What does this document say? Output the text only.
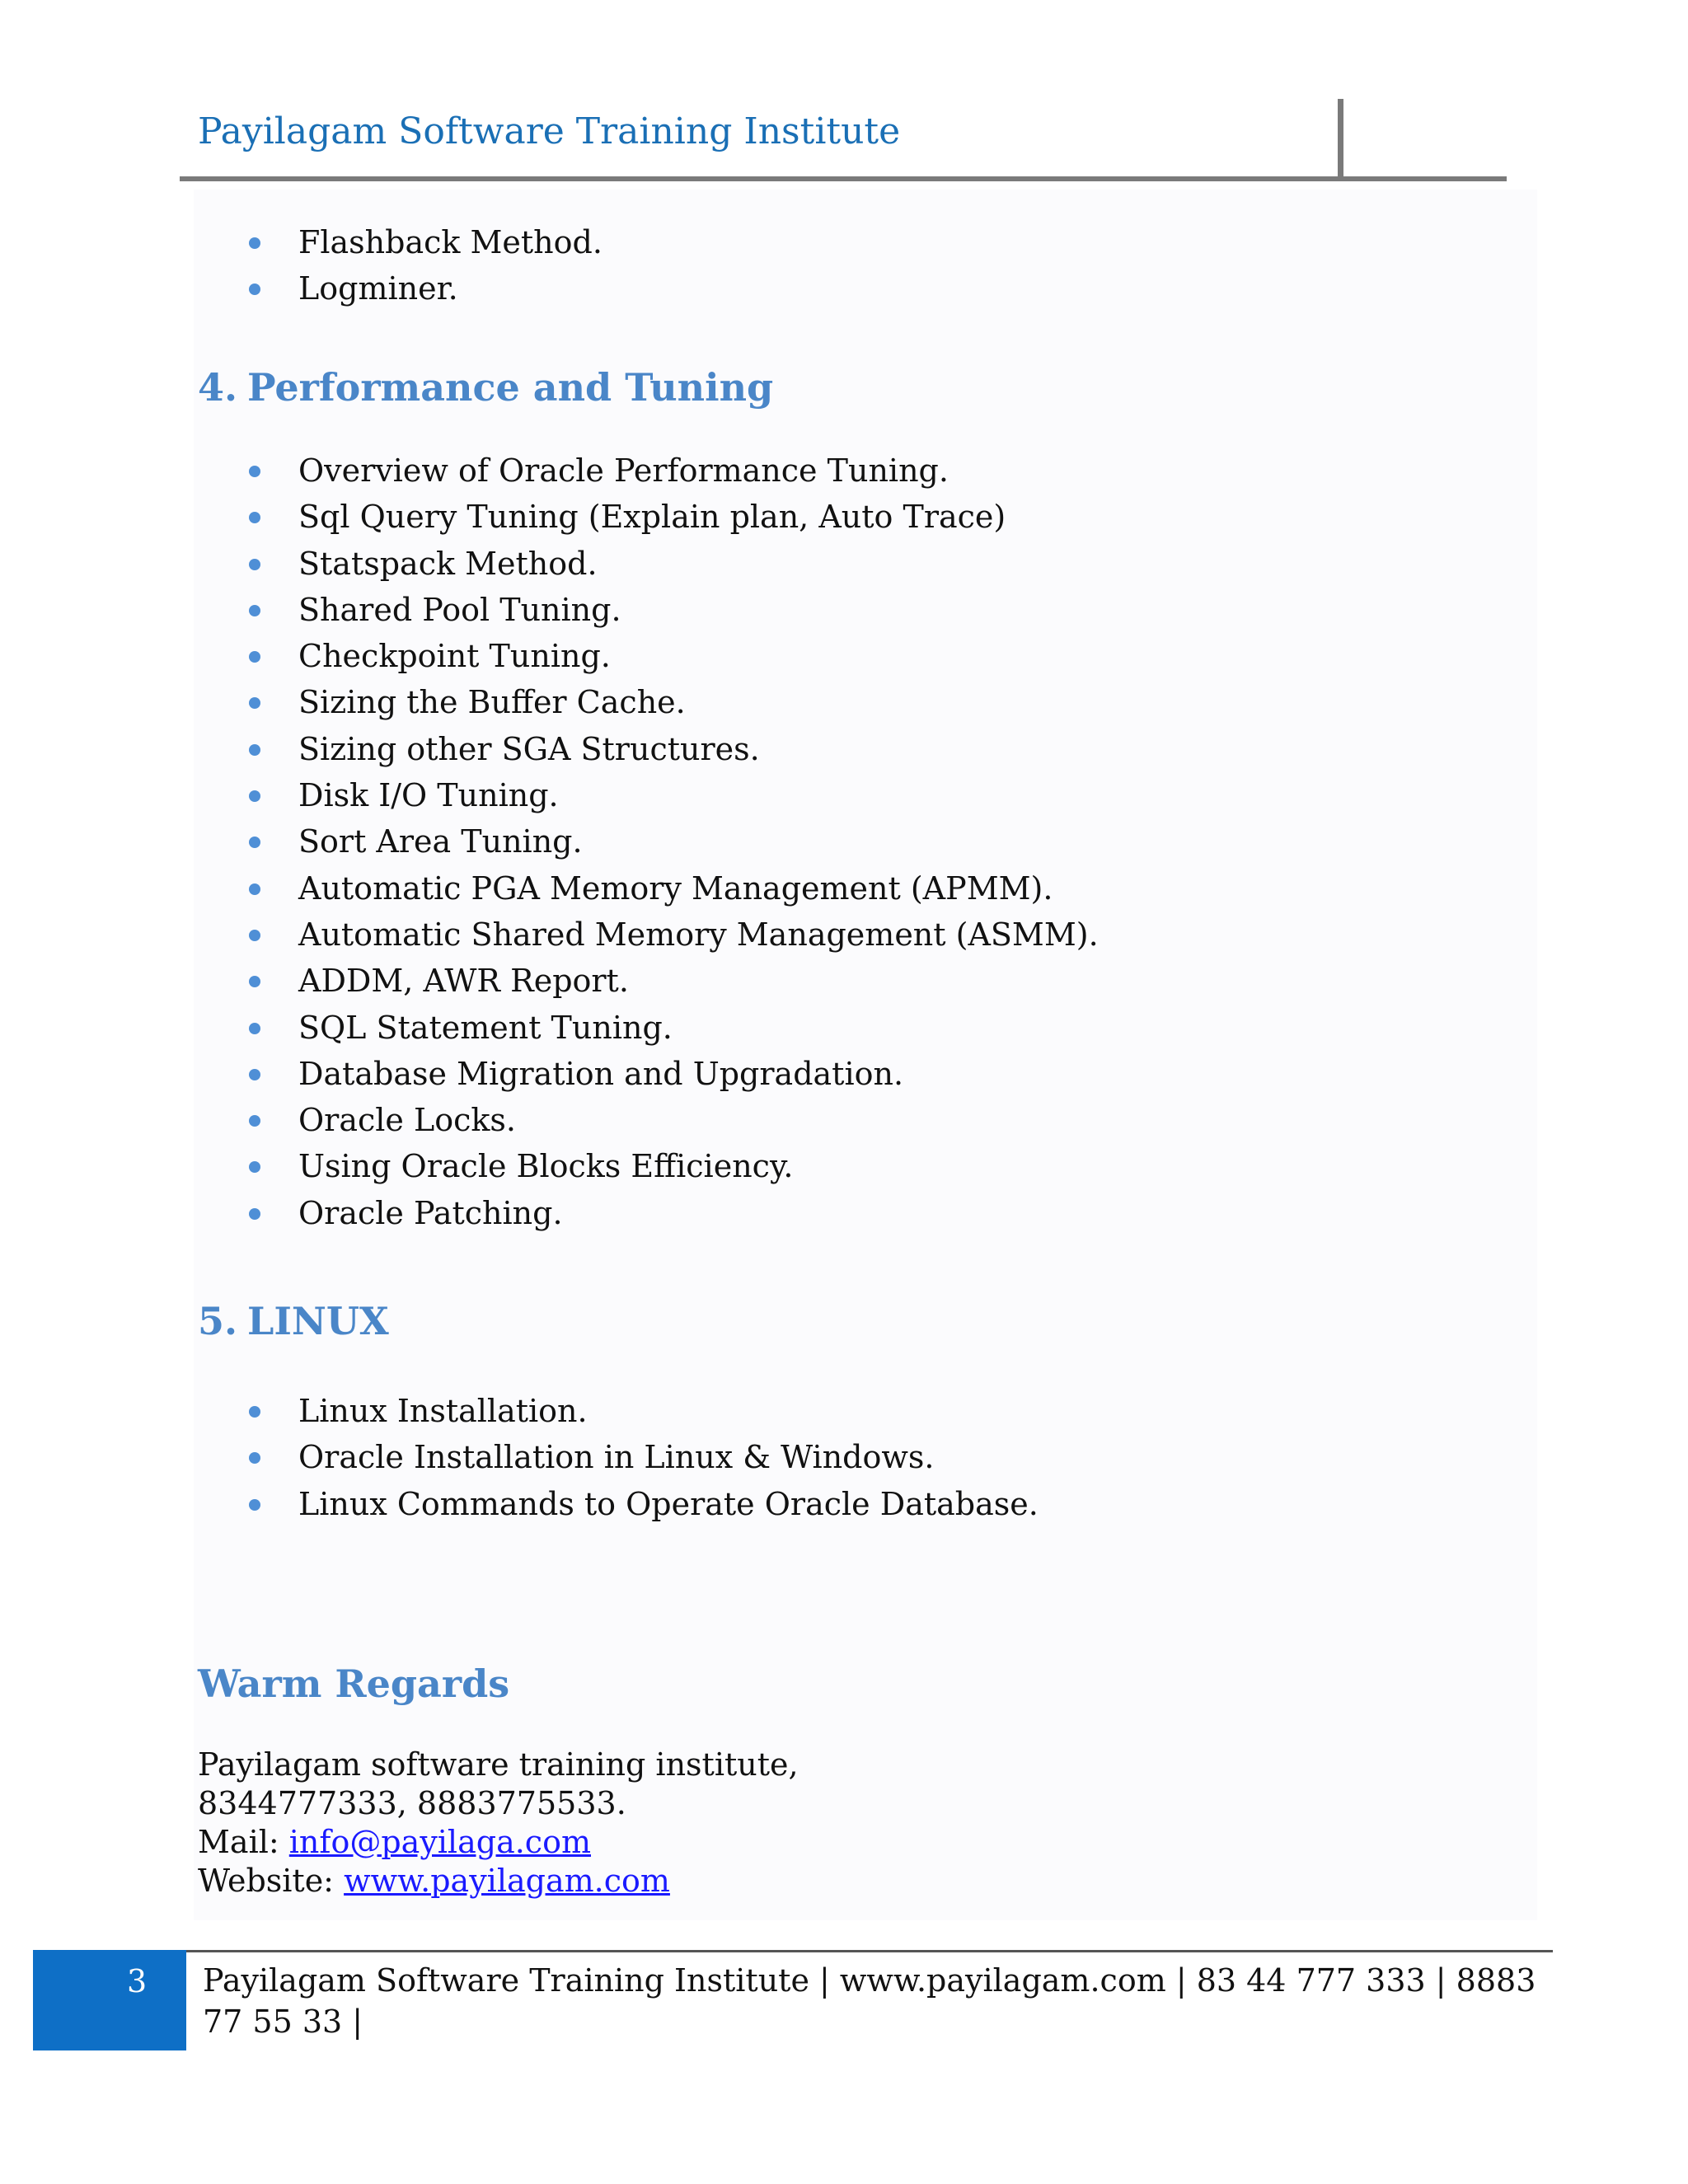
Payilagam Software Training Institute
Flashback Method.
Logminer.
4. Performance and Tuning
Overview of Oracle Performance Tuning.
Sql Query Tuning (Explain plan, Auto Trace)
Statspack Method.
Shared Pool Tuning.
Checkpoint Tuning.
Sizing the Buffer Cache.
Sizing other SGA Structures.
Disk I/O Tuning.
Sort Area Tuning.
Automatic PGA Memory Management (APMM).
Automatic Shared Memory Management (ASMM).
ADDM, AWR Report.
SQL Statement Tuning.
Database Migration and Upgradation.
Oracle Locks.
Using Oracle Blocks Efficiency.
Oracle Patching.
5. LINUX
Linux Installation.
Oracle Installation in Linux & Windows.
Linux Commands to Operate Oracle Database.
Warm Regards
Payilagam software training institute,
8344777333, 8883775533.
Mail: info@payilaga.com
Website: www.payilagam.com
3 Payilagam Software Training Institute | www.payilagam.com | 83 44 777 333 | 8883 77 55 33 |
